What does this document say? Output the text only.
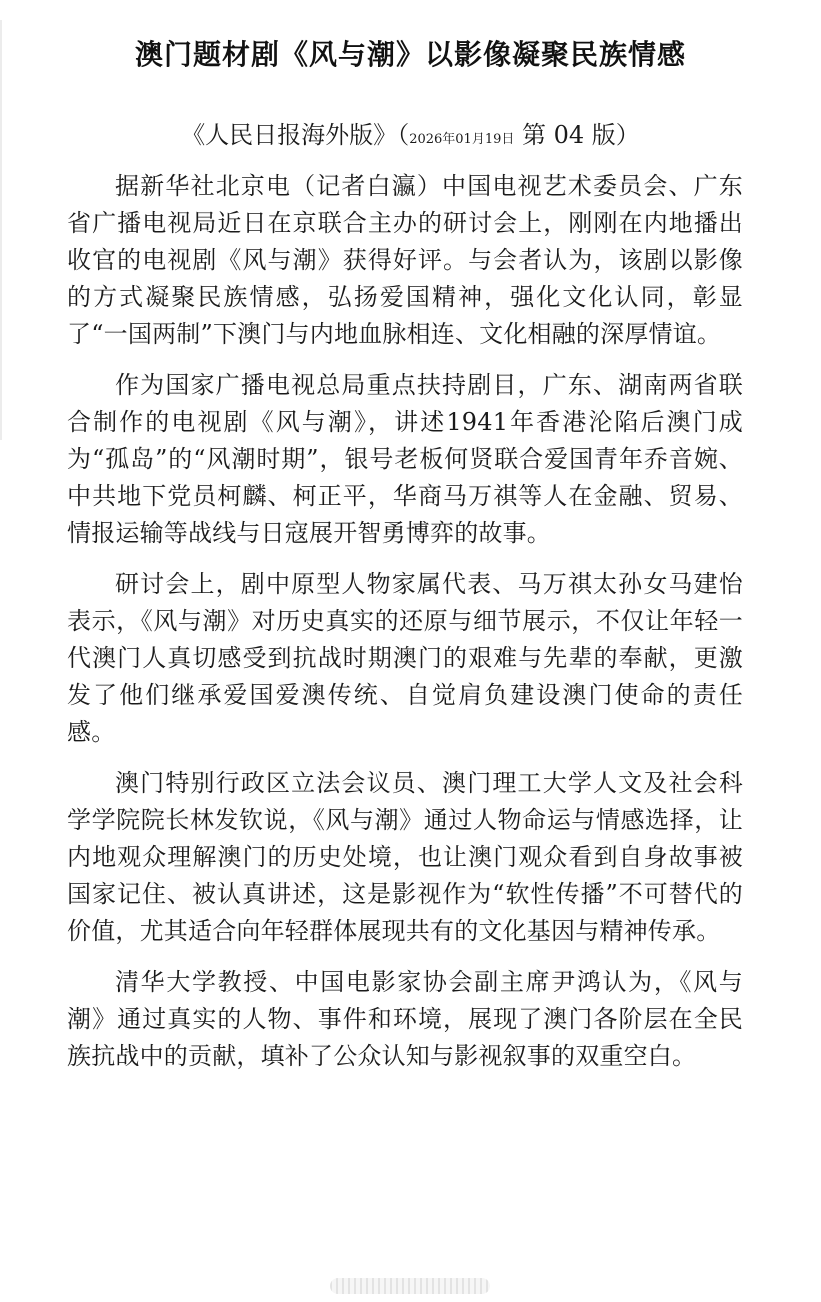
澳门题材剧《风与潮》以影像凝聚民族情感
《人民日报海外版》（2026年01月19日 第 04 版）

据新华社北京电（记者白瀛）中国电视艺术委员会、广东省广播电视局近日在京联合主办的研讨会上，刚刚在内地播出收官的电视剧《风与潮》获得好评。与会者认为，该剧以影像的方式凝聚民族情感，弘扬爱国精神，强化文化认同，彰显了“一国两制”下澳门与内地血脉相连、文化相融的深厚情谊。

作为国家广播电视总局重点扶持剧目，广东、湖南两省联合制作的电视剧《风与潮》，讲述1941年香港沦陷后澳门成为“孤岛”的“风潮时期”，银号老板何贤联合爱国青年乔音婉、中共地下党员柯麟、柯正平，华商马万祺等人在金融、贸易、情报运输等战线与日寇展开智勇博弈的故事。

研讨会上，剧中原型人物家属代表、马万祺太孙女马建怡表示，《风与潮》对历史真实的还原与细节展示，不仅让年轻一代澳门人真切感受到抗战时期澳门的艰难与先辈的奉献，更激发了他们继承爱国爱澳传统、自觉肩负建设澳门使命的责任感。

澳门特别行政区立法会议员、澳门理工大学人文及社会科学学院院长林发钦说，《风与潮》通过人物命运与情感选择，让内地观众理解澳门的历史处境，也让澳门观众看到自身故事被国家记住、被认真讲述，这是影视作为“软性传播”不可替代的价值，尤其适合向年轻群体展现共有的文化基因与精神传承。

清华大学教授、中国电影家协会副主席尹鸿认为，《风与潮》通过真实的人物、事件和环境，展现了澳门各阶层在全民族抗战中的贡献，填补了公众认知与影视叙事的双重空白。
